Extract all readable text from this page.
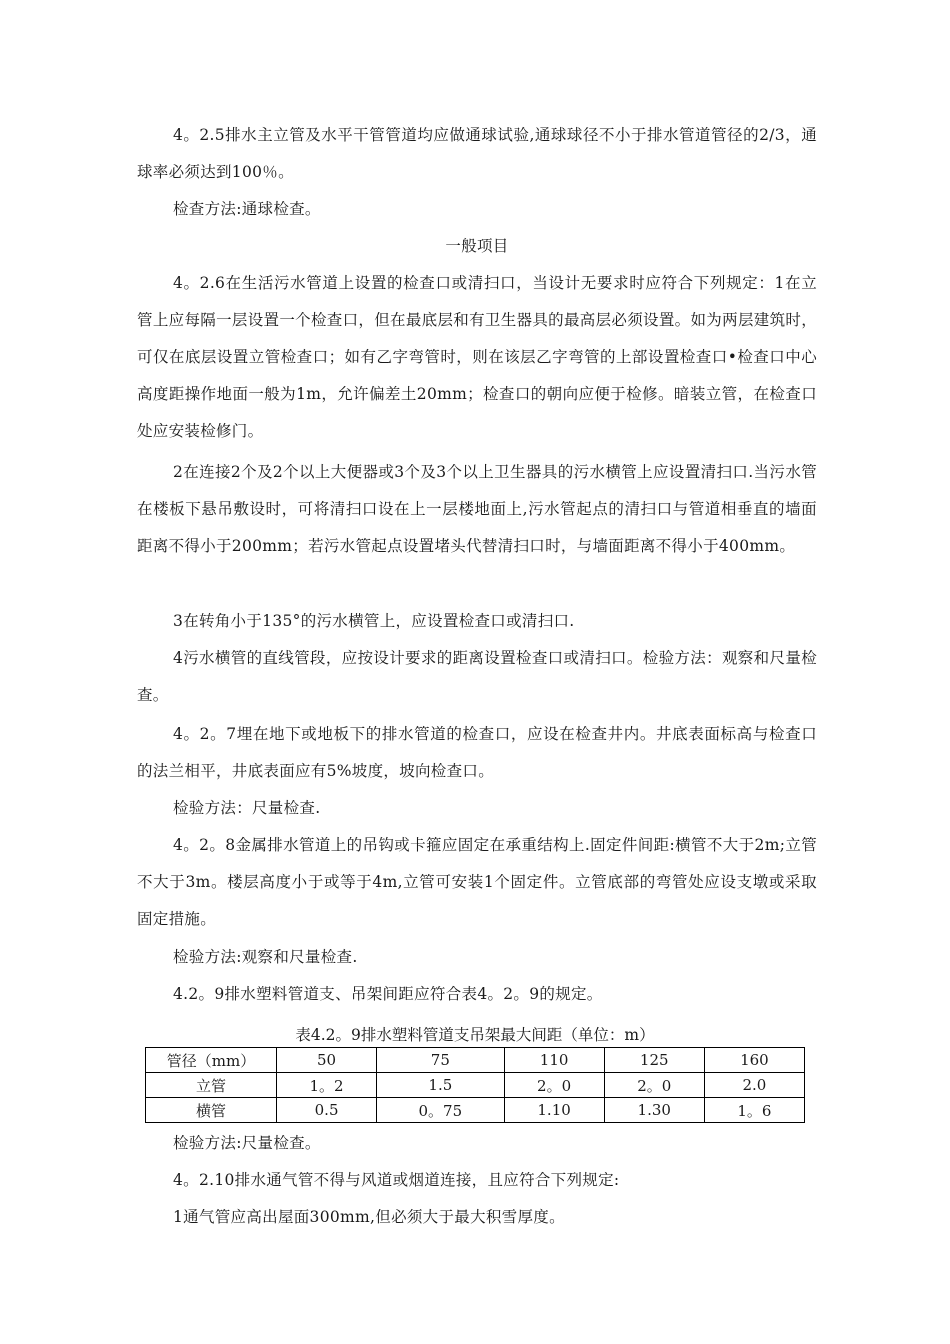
4。2.5排水主立管及水平干管管道均应做通球试验,通球球径不小于排水管道管径的2/3，通球率必须达到100％。

检查方法:通球检查。

一般项目

4。2.6在生活污水管道上设置的检查口或清扫口，当设计无要求时应符合下列规定：1在立管上应每隔一层设置一个检查口，但在最底层和有卫生器具的最高层必须设置。如为两层建筑时，可仅在底层设置立管检查口；如有乙字弯管时，则在该层乙字弯管的上部设置检查口•检查口中心高度距操作地面一般为1m，允许偏差土20mm；检查口的朝向应便于检修。暗装立管，在检查口处应安装检修门。

2在连接2个及2个以上大便器或3个及3个以上卫生器具的污水横管上应设置清扫口.当污水管在楼板下悬吊敷设时，可将清扫口设在上一层楼地面上,污水管起点的清扫口与管道相垂直的墙面距离不得小于200mm；若污水管起点设置堵头代替清扫口时，与墙面距离不得小于400mm。

3在转角小于135°的污水横管上，应设置检查口或清扫口.

4污水横管的直线管段，应按设计要求的距离设置检查口或清扫口。检验方法：观察和尺量检查。

4。2。7埋在地下或地板下的排水管道的检查口，应设在检查井内。井底表面标高与检查口的法兰相平，井底表面应有5%坡度，坡向检查口。

检验方法：尺量检查.

4。2。8金属排水管道上的吊钩或卡箍应固定在承重结构上.固定件间距:横管不大于2m;立管不大于3m。楼层高度小于或等于4m,立管可安装1个固定件。立管底部的弯管处应设支墩或采取固定措施。

检验方法:观察和尺量检查.

4.2。9排水塑料管道支、吊架间距应符合表4。2。9的规定。

表4.2。9排水塑料管道支吊架最大间距（单位：m）

管径（mm）	50	75	110	125	160
立管	1。2	1.5	2。0	2。0	2.0
横管	0.5	0。75	1.10	1.30	1。6

检验方法:尺量检查。

4。2.10排水通气管不得与风道或烟道连接，且应符合下列规定:

1通气管应高出屋面300mm,但必须大于最大积雪厚度。
